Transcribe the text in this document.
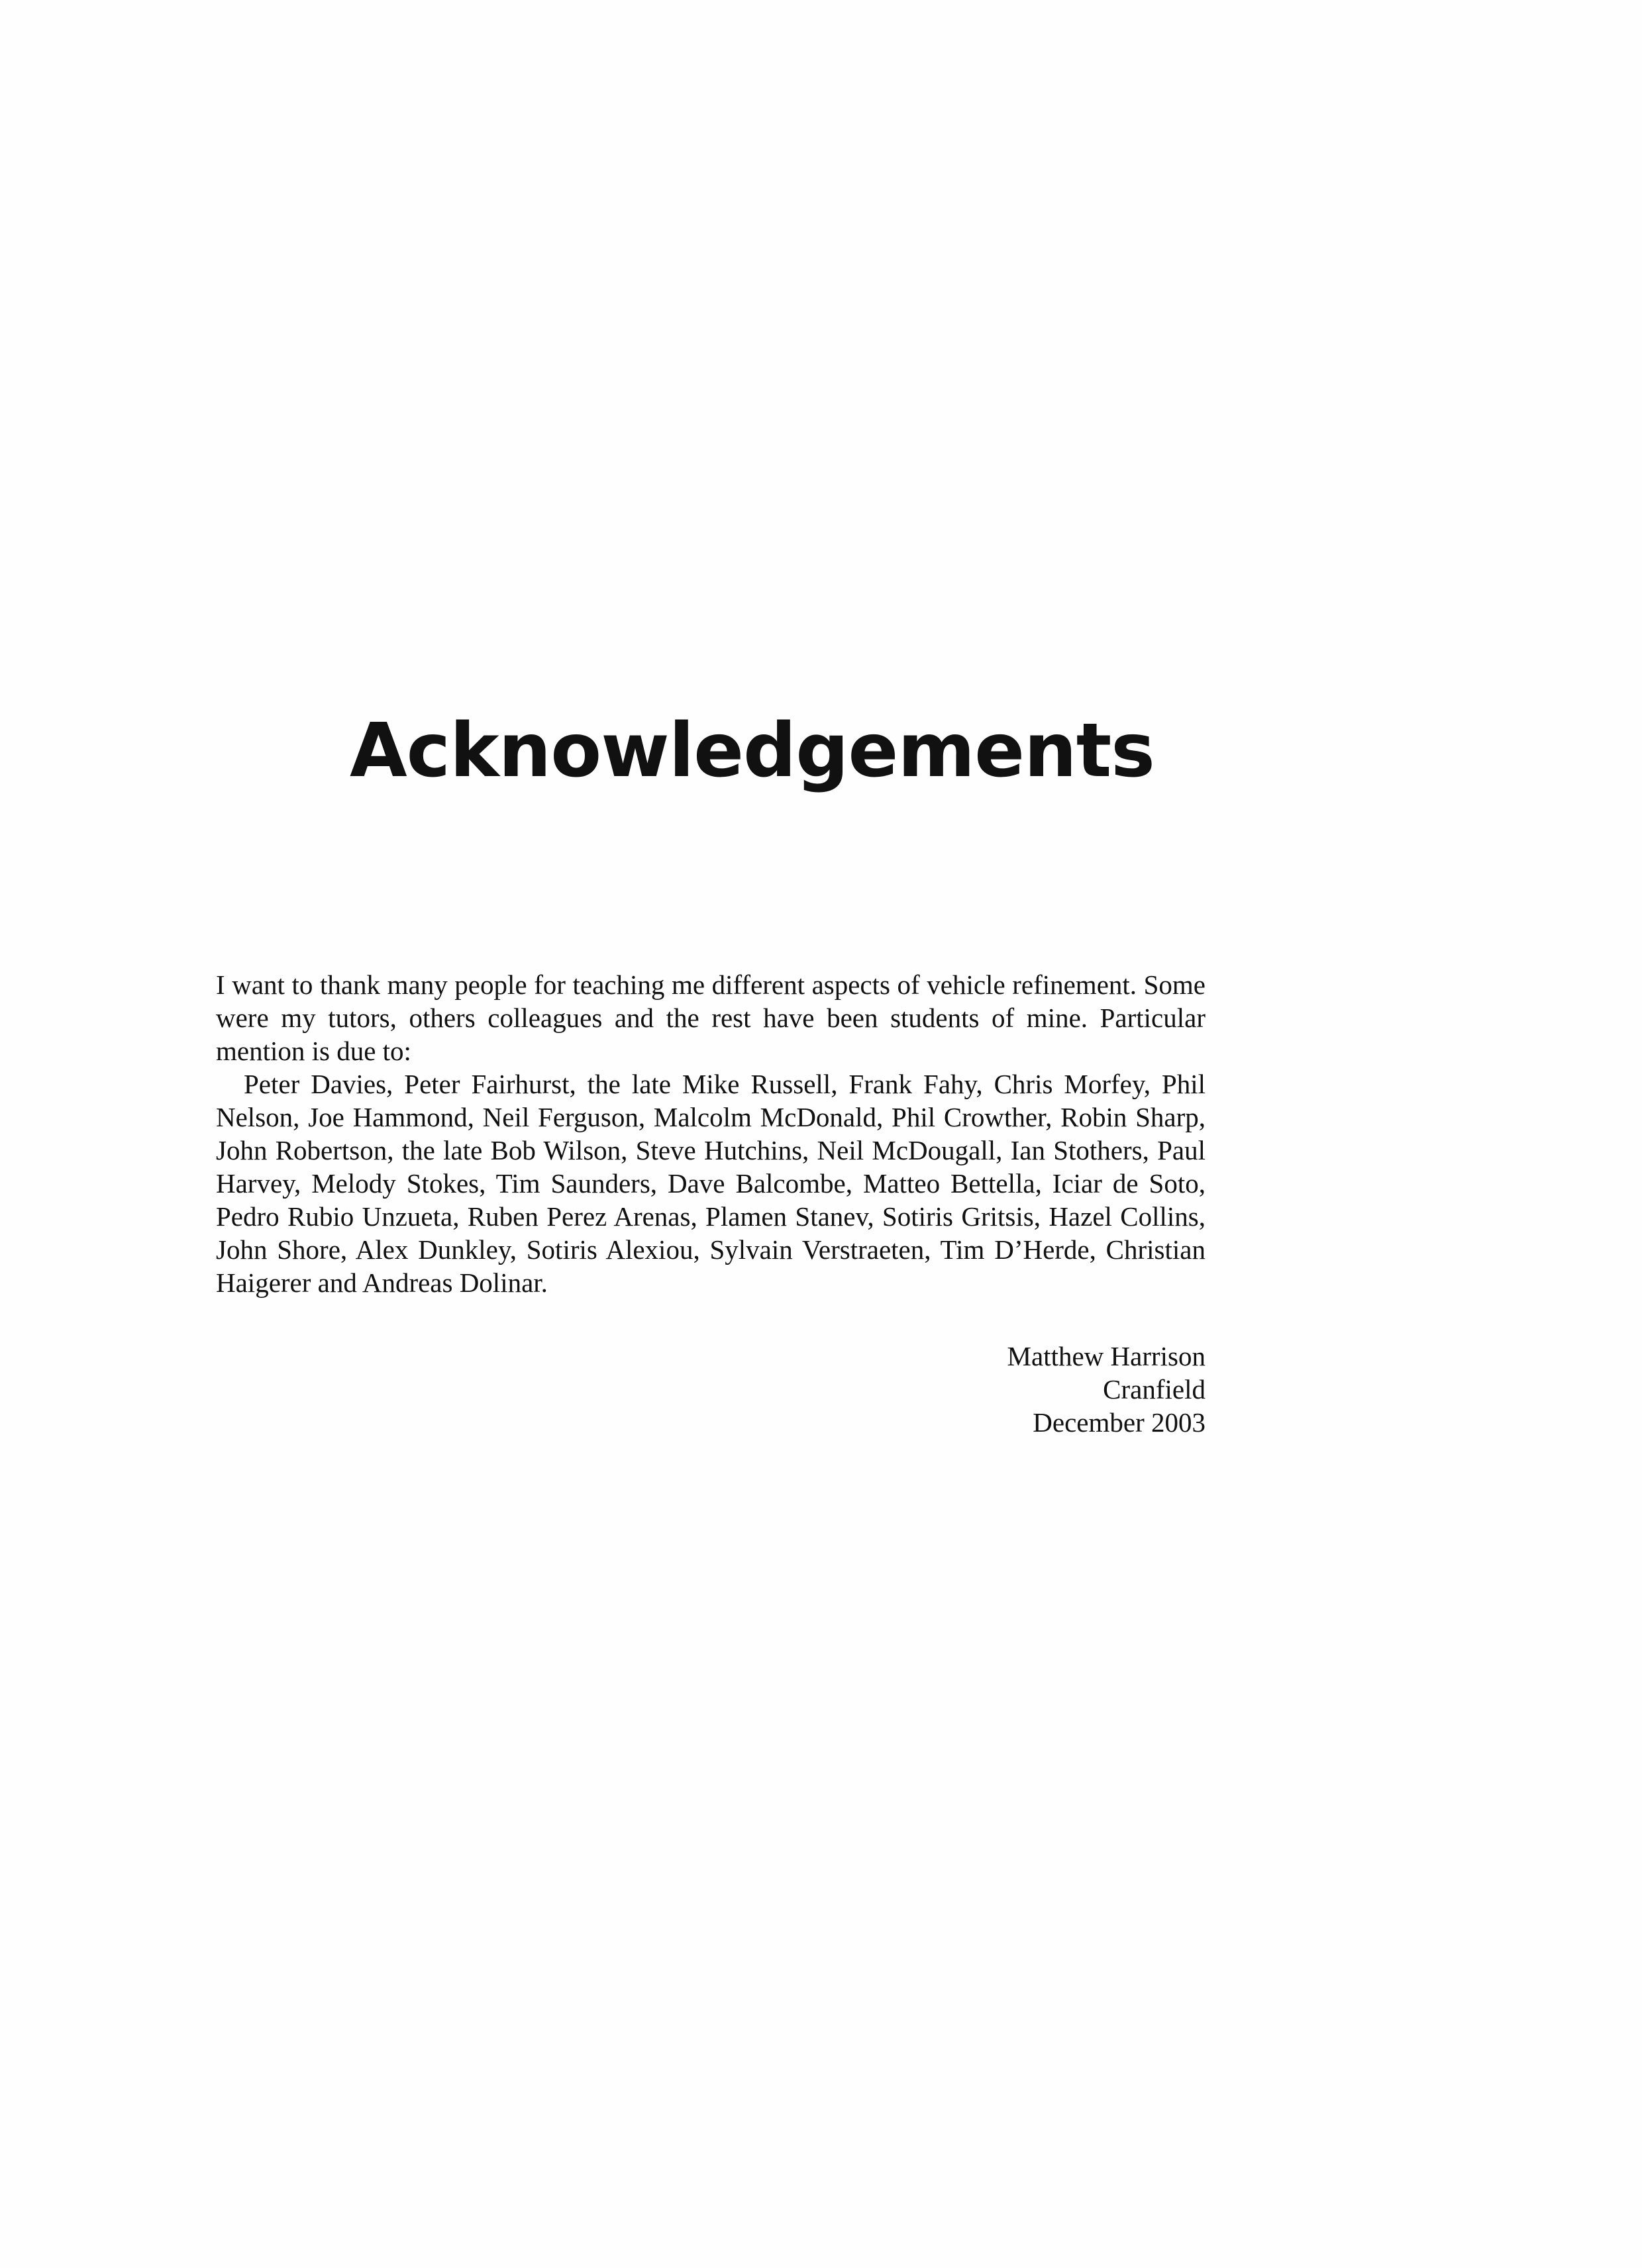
Acknowledgements

I want to thank many people for teaching me different aspects of vehicle refinement. Some were my tutors, others colleagues and the rest have been students of mine. Particular mention is due to:

Peter Davies, Peter Fairhurst, the late Mike Russell, Frank Fahy, Chris Morfey, Phil Nelson, Joe Hammond, Neil Ferguson, Malcolm McDonald, Phil Crowther, Robin Sharp, John Robertson, the late Bob Wilson, Steve Hutchins, Neil McDougall, Ian Stothers, Paul Harvey, Melody Stokes, Tim Saunders, Dave Balcombe, Matteo Bettella, Iciar de Soto, Pedro Rubio Unzueta, Ruben Perez Arenas, Plamen Stanev, Sotiris Gritsis, Hazel Collins, John Shore, Alex Dunkley, Sotiris Alexiou, Sylvain Verstraeten, Tim D’Herde, Christian Haigerer and Andreas Dolinar.

Matthew Harrison
Cranfield
December 2003
